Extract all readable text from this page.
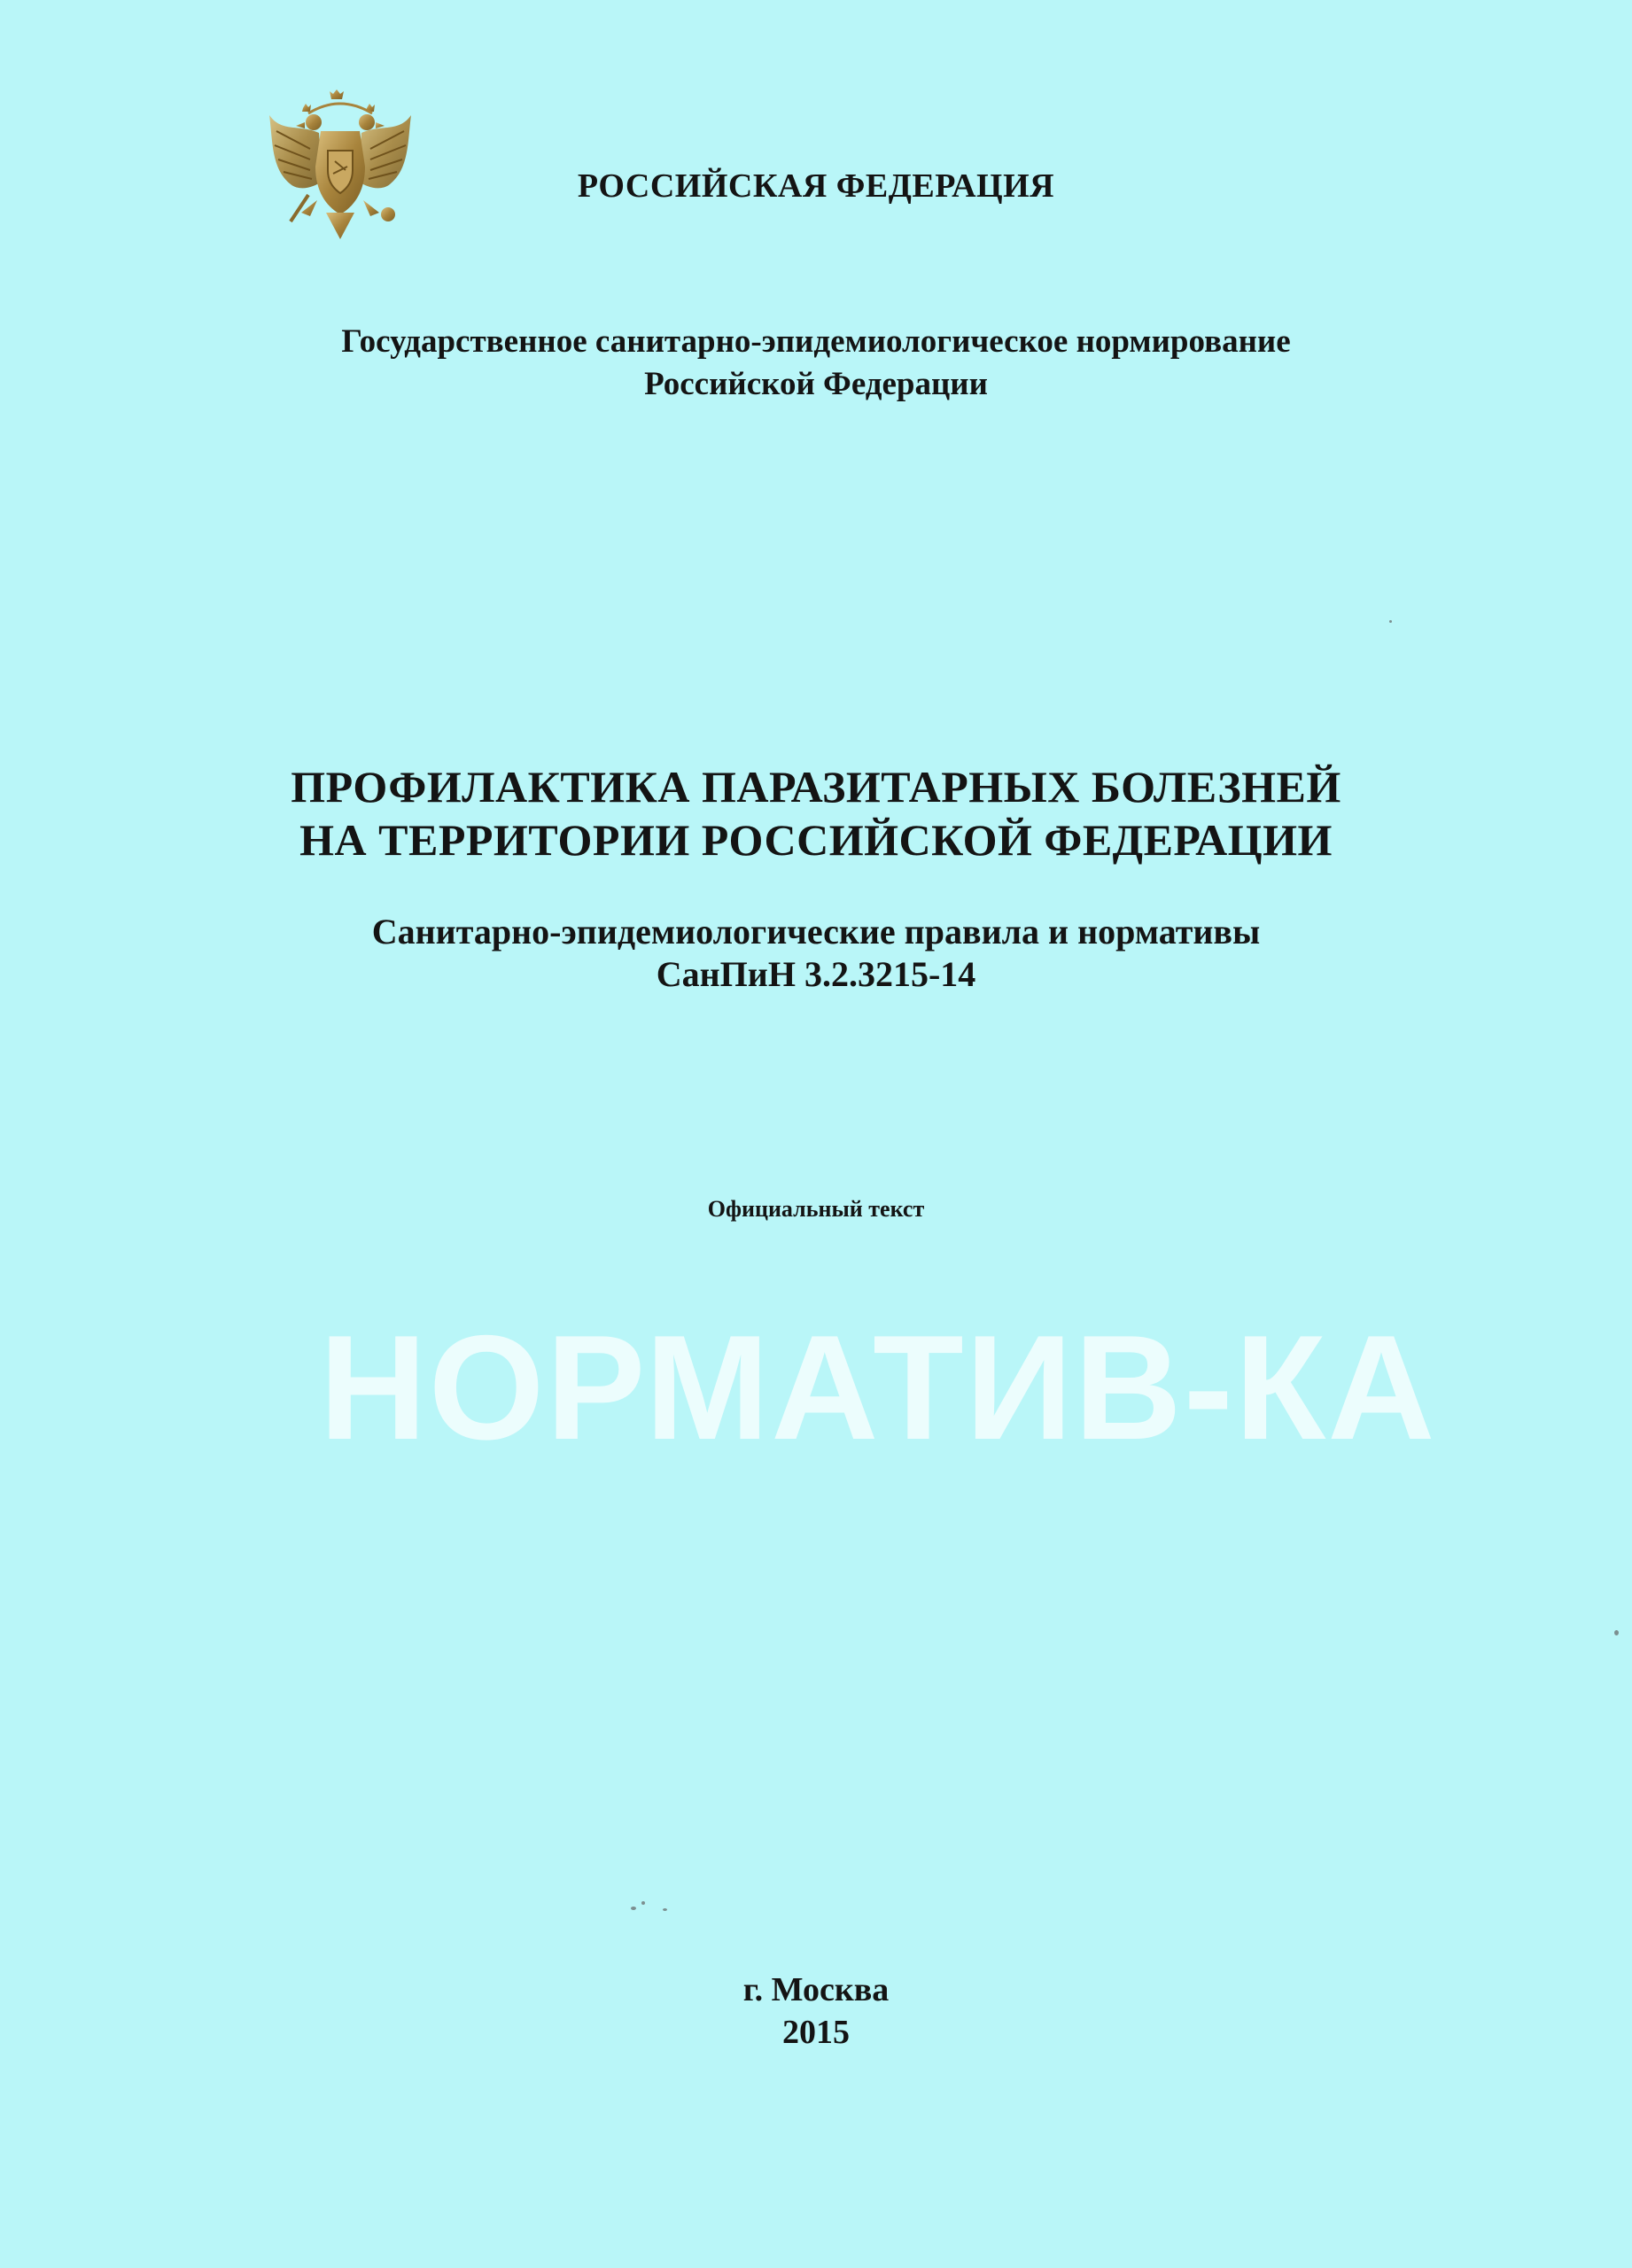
РОССИЙСКАЯ ФЕДЕРАЦИЯ
Государственное санитарно-эпидемиологическое нормирование
Российской Федерации
ПРОФИЛАКТИКА ПАРАЗИТАРНЫХ БОЛЕЗНЕЙ
НА ТЕРРИТОРИИ РОССИЙСКОЙ ФЕДЕРАЦИИ
Санитарно-эпидемиологические правила и нормативы
СанПиН 3.2.3215-14
Официальный текст
НОРМАТИВ-КА
г. Москва
2015
